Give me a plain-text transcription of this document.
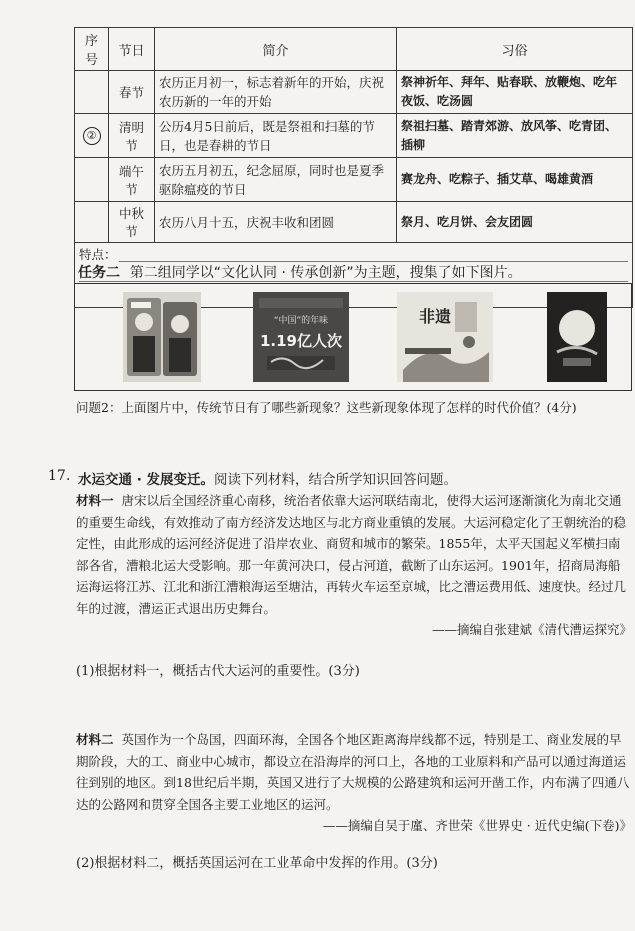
序号	节日	简介	习俗
	春节	农历正月初一，标志着新年的开始，庆祝农历新的一年的开始	祭神祈年、拜年、贴春联、放鞭炮、吃年夜饭、吃汤圆
②	清明节	公历4月5日前后，既是祭祖和扫墓的节日，也是春耕的节日	祭祖扫墓、踏青郊游、放风筝、吃青团、插柳
	端午节	农历五月初五，纪念屈原，同时也是夏季驱除瘟疫的节日	赛龙舟、吃粽子、插艾草、喝雄黄酒
	中秋节	农历八月十五，庆祝丰收和团圆	祭月、吃月饼、会友团圆
特点：			
任务二 第二组同学以“文化认同 · 传承创新”为主题，搜集了如下图片。
“中国”的年味
1.19亿人次
非遗
问题2：上面图片中，传统节日有了哪些新现象？这些新现象体现了怎样的时代价值？(4分)
17. 水运交通 · 发展变迁。阅读下列材料，结合所学知识回答问题。
材料一 唐宋以后全国经济重心南移，统治者依靠大运河联结南北，使得大运河逐渐演化为南北交通的重要生命线，有效推动了南方经济发达地区与北方商业重镇的发展。大运河稳定化了王朝统治的稳定性，由此形成的运河经济促进了沿岸农业、商贸和城市的繁荣。1855年，太平天国起义军横扫南部各省，漕粮北运大受影响。那一年黄河决口，侵占河道，截断了山东运河。1901年，招商局海船运海运将江苏、江北和浙江漕粮海运至塘沽，再转火车运至京城，比之漕运费用低、速度快。经过几年的过渡，漕运正式退出历史舞台。
——摘编自张建斌《清代漕运探究》
(1)根据材料一，概括古代大运河的重要性。(3分)
材料二 英国作为一个岛国，四面环海，全国各个地区距离海岸线都不远，特别是工、商业发展的早期阶段，大的工、商业中心城市，都设立在沿海岸的河口上，各地的工业原料和产品可以通过海道运往到别的地区。到18世纪后半期，英国又进行了大规模的公路建筑和运河开凿工作，内布满了四通八达的公路网和贯穿全国各主要工业地区的运河。
——摘编自吴于廑、齐世荣《世界史 · 近代史编(下卷)》
(2)根据材料二，概括英国运河在工业革命中发挥的作用。(3分)
